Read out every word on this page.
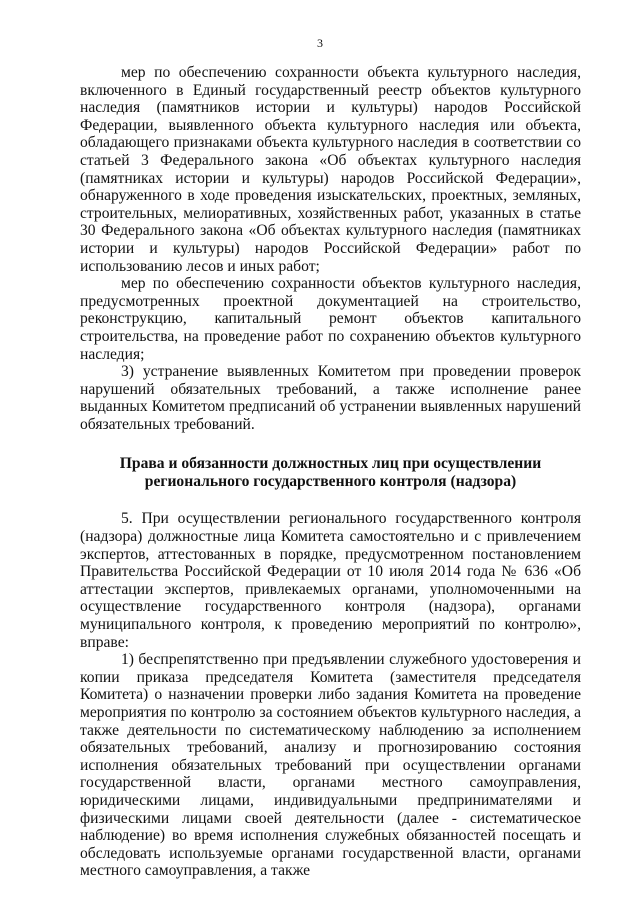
3

мер по обеспечению сохранности объекта культурного наследия, включенного в Единый государственный реестр объектов культурного наследия (памятников истории и культуры) народов Российской Федерации, выявленного объекта культурного наследия или объекта, обладающего признаками объекта культурного наследия в соответствии со статьей 3 Федерального закона «Об объектах культурного наследия (памятниках истории и культуры) народов Российской Федерации», обнаруженного в ходе проведения изыскательских, проектных, земляных, строительных, мелиоративных, хозяйственных работ, указанных в статье 30 Федерального закона «Об объектах культурного наследия (памятниках истории и культуры) народов Российской Федерации» работ по использованию лесов и иных работ;

мер по обеспечению сохранности объектов культурного наследия, предусмотренных проектной документацией на строительство, реконструкцию, капитальный ремонт объектов капитального строительства, на проведение работ по сохранению объектов культурного наследия;

3) устранение выявленных Комитетом при проведении проверок нарушений обязательных требований, а также исполнение ранее выданных Комитетом предписаний об устранении выявленных нарушений обязательных требований.

Права и обязанности должностных лиц при осуществлении
регионального государственного контроля (надзора)

5. При осуществлении регионального государственного контроля (надзора) должностные лица Комитета самостоятельно и с привлечением экспертов, аттестованных в порядке, предусмотренном постановлением Правительства Российской Федерации от 10 июля 2014 года № 636 «Об аттестации экспертов, привлекаемых органами, уполномоченными на осуществление государственного контроля (надзора), органами муниципального контроля, к проведению мероприятий по контролю», вправе:

1) беспрепятственно при предъявлении служебного удостоверения и копии приказа председателя Комитета (заместителя председателя Комитета) о назначении проверки либо задания Комитета на проведение мероприятия по контролю за состоянием объектов культурного наследия, а также деятельности по систематическому наблюдению за исполнением обязательных требований, анализу и прогнозированию состояния исполнения обязательных требований при осуществлении органами государственной власти, органами местного самоуправления, юридическими лицами, индивидуальными предпринимателями и физическими лицами своей деятельности (далее - систематическое наблюдение) во время исполнения служебных обязанностей посещать и обследовать используемые органами государственной власти, органами местного самоуправления, а также
